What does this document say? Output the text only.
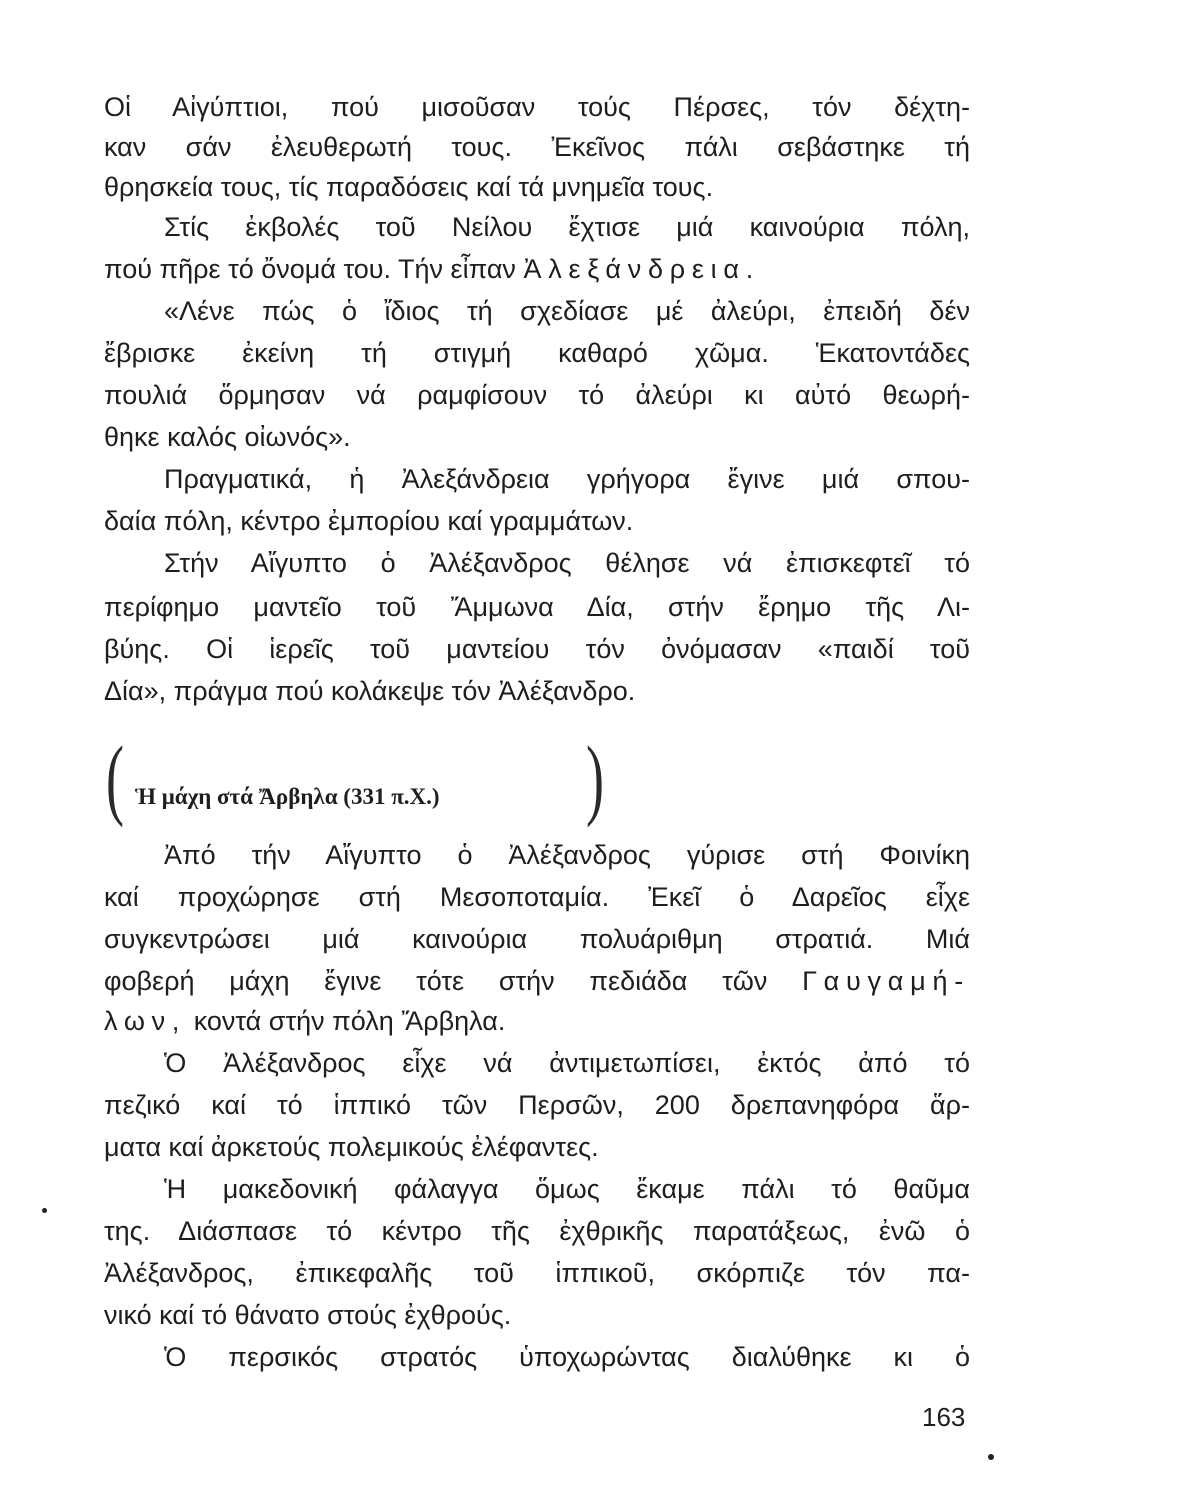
Οἱ Αἰγύπτιοι, πού μισοῦσαν τούς Πέρσες, τόν δέχτη-
καν σάν ἐλευθερωτή τους. Ἐκεῖνος πάλι σεβάστηκε τή
θρησκεία τους, τίς παραδόσεις καί τά μνημεῖα τους.
Στίς ἐκβολές τοῦ Νείλου ἔχτισε μιά καινούρια πόλη,
πού πῆρε τό ὄνομά του. Τήν εἶπαν Ἀλεξάνδρεια.
«Λένε πώς ὁ ἴδιος τή σχεδίασε μέ ἀλεύρι, ἐπειδή δέν
ἔβρισκε ἐκείνη τή στιγμή καθαρό χῶμα. Ἑκατοντάδες
πουλιά ὅρμησαν νά ραμφίσουν τό ἀλεύρι κι αὐτό θεωρή-
θηκε καλός οἰωνός».
Πραγματικά, ἡ Ἀλεξάνδρεια γρήγορα ἔγινε μιά σπου-
δαία πόλη, κέντρο ἐμπορίου καί γραμμάτων.
Στήν Αἴγυπτο ὁ Ἀλέξανδρος θέλησε νά ἐπισκεφτεῖ τό
περίφημο μαντεῖο τοῦ Ἄμμωνα Δία, στήν ἔρημο τῆς Λι-
βύης. Οἱ ἱερεῖς τοῦ μαντείου τόν ὀνόμασαν «παιδί τοῦ
Δία», πράγμα πού κολάκεψε τόν Ἀλέξανδρο.
( Ἡ μάχη στά Ἄρβηλα (331 π.Χ.) )
Ἀπό τήν Αἴγυπτο ὁ Ἀλέξανδρος γύρισε στή Φοινίκη
καί προχώρησε στή Μεσοποταμία. Ἐκεῖ ὁ Δαρεῖος εἶχε
συγκεντρώσει μιά καινούρια πολυάριθμη στρατιά. Μιά
φοβερή μάχη ἔγινε τότε στήν πεδιάδα τῶν Γαυγαμή-
λων, κοντά στήν πόλη Ἄρβηλα.
Ὁ Ἀλέξανδρος εἶχε νά ἀντιμετωπίσει, ἐκτός ἀπό τό
πεζικό καί τό ἱππικό τῶν Περσῶν, 200 δρεπανηφόρα ἅρ-
ματα καί ἀρκετούς πολεμικούς ἐλέφαντες.
Ἡ μακεδονική φάλαγγα ὅμως ἔκαμε πάλι τό θαῦμα
της. Διάσπασε τό κέντρο τῆς ἐχθρικῆς παρατάξεως, ἐνῶ ὁ
Ἀλέξανδρος, ἐπικεφαλῆς τοῦ ἱππικοῦ, σκόρπιζε τόν πα-
νικό καί τό θάνατο στούς ἐχθρούς.
Ὁ περσικός στρατός ὑποχωρώντας διαλύθηκε κι ὁ
163
